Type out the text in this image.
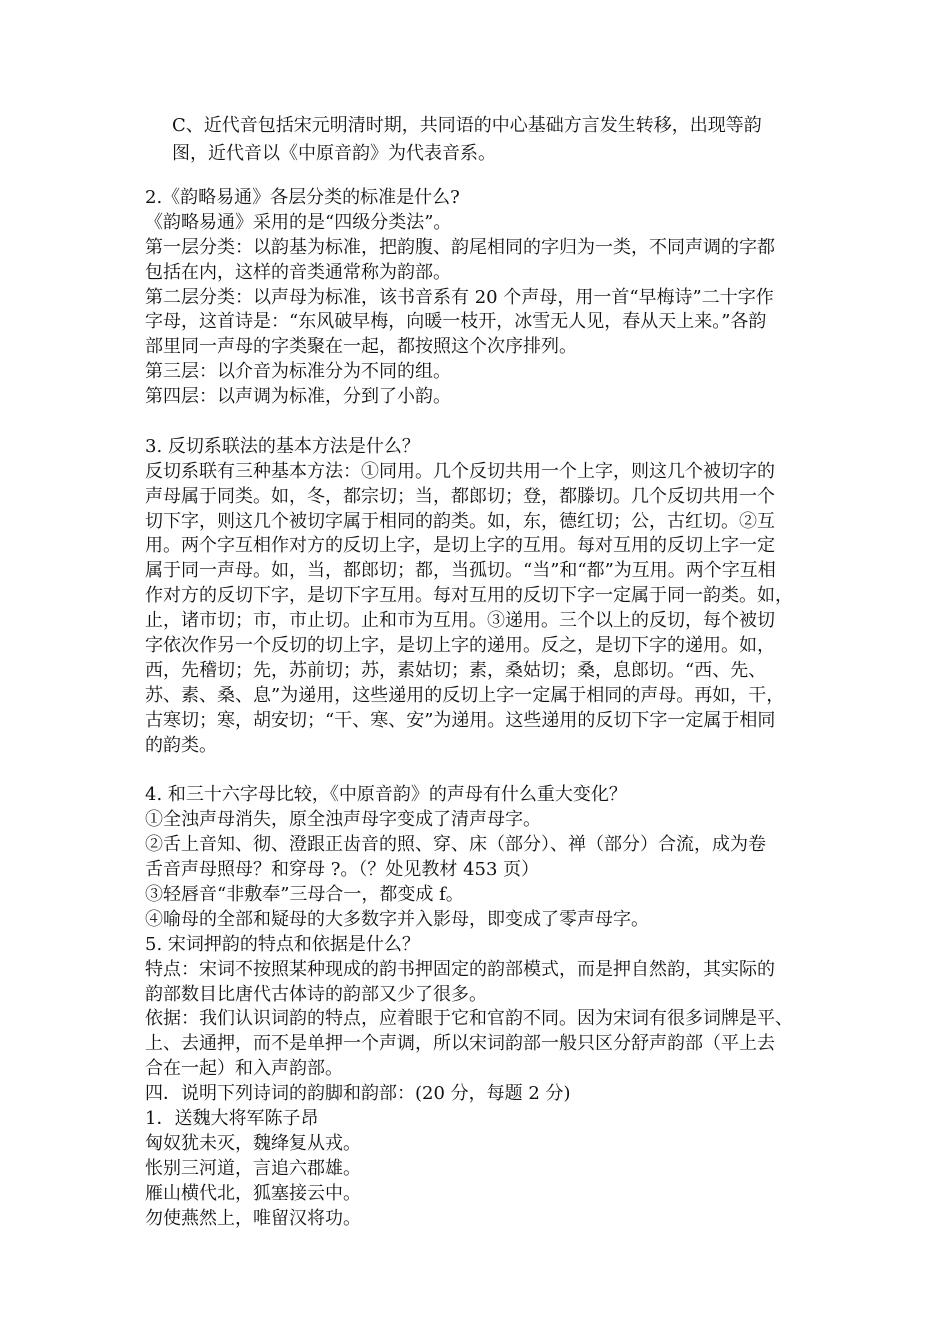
C、近代音包括宋元明清时期，共同语的中心基础方言发生转移，出现等韵
图，近代音以《中原音韵》为代表音系。
2.《韵略易通》各层分类的标准是什么?
《韵略易通》采用的是“四级分类法”。
第一层分类：以韵基为标准，把韵腹、韵尾相同的字归为一类，不同声调的字都
包括在内，这样的音类通常称为韵部。
第二层分类：以声母为标准，该书音系有 20 个声母，用一首“早梅诗”二十字作
字母，这首诗是：“东风破早梅，向暖一枝开，冰雪无人见，春从天上来。”各韵
部里同一声母的字类聚在一起，都按照这个次序排列。
第三层：以介音为标准分为不同的组。
第四层：以声调为标准，分到了小韵。
3. 反切系联法的基本方法是什么？
反切系联有三种基本方法：①同用。几个反切共用一个上字，则这几个被切字的
声母属于同类。如，冬，都宗切；当，都郎切；登，都滕切。几个反切共用一个
切下字，则这几个被切字属于相同的韵类。如，东，德红切；公，古红切。②互
用。两个字互相作对方的反切上字，是切上字的互用。每对互用的反切上字一定
属于同一声母。如，当，都郎切；都，当孤切。“当”和“都”为互用。两个字互相
作对方的反切下字，是切下字互用。每对互用的反切下字一定属于同一韵类。如，
止，诸市切；市，市止切。止和市为互用。③递用。三个以上的反切，每个被切
字依次作另一个反切的切上字，是切上字的递用。反之，是切下字的递用。如，
西，先稽切；先，苏前切；苏，素姑切；素，桑姑切；桑，息郎切。“西、先、
苏、素、桑、息”为递用，这些递用的反切上字一定属于相同的声母。再如，干，
古寒切；寒，胡安切；“干、寒、安”为递用。这些递用的反切下字一定属于相同
的韵类。
4. 和三十六字母比较，《中原音韵》的声母有什么重大变化？
①全浊声母消失，原全浊声母字变成了清声母字。
②舌上音知、彻、澄跟正齿音的照、穿、床（部分）、禅（部分）合流，成为卷
舌音声母照母？和穿母 ?。（？处见教材 453 页）
③轻唇音“非敷奉”三母合一，都变成 f。
④喻母的全部和疑母的大多数字并入影母，即变成了零声母字。
5. 宋词押韵的特点和依据是什么？
特点：宋词不按照某种现成的韵书押固定的韵部模式，而是押自然韵，其实际的
韵部数目比唐代古体诗的韵部又少了很多。
依据：我们认识词韵的特点，应着眼于它和官韵不同。因为宋词有很多词牌是平、
上、去通押，而不是单押一个声调，所以宋词韵部一般只区分舒声韵部（平上去
合在一起）和入声韵部。
四．说明下列诗词的韵脚和韵部：(20 分，每题 2 分)
1．送魏大将军陈子昂
匈奴犹未灭，魏绛复从戎。
怅别三河道，言追六郡雄。
雁山横代北，狐塞接云中。
勿使燕然上，唯留汉将功。
